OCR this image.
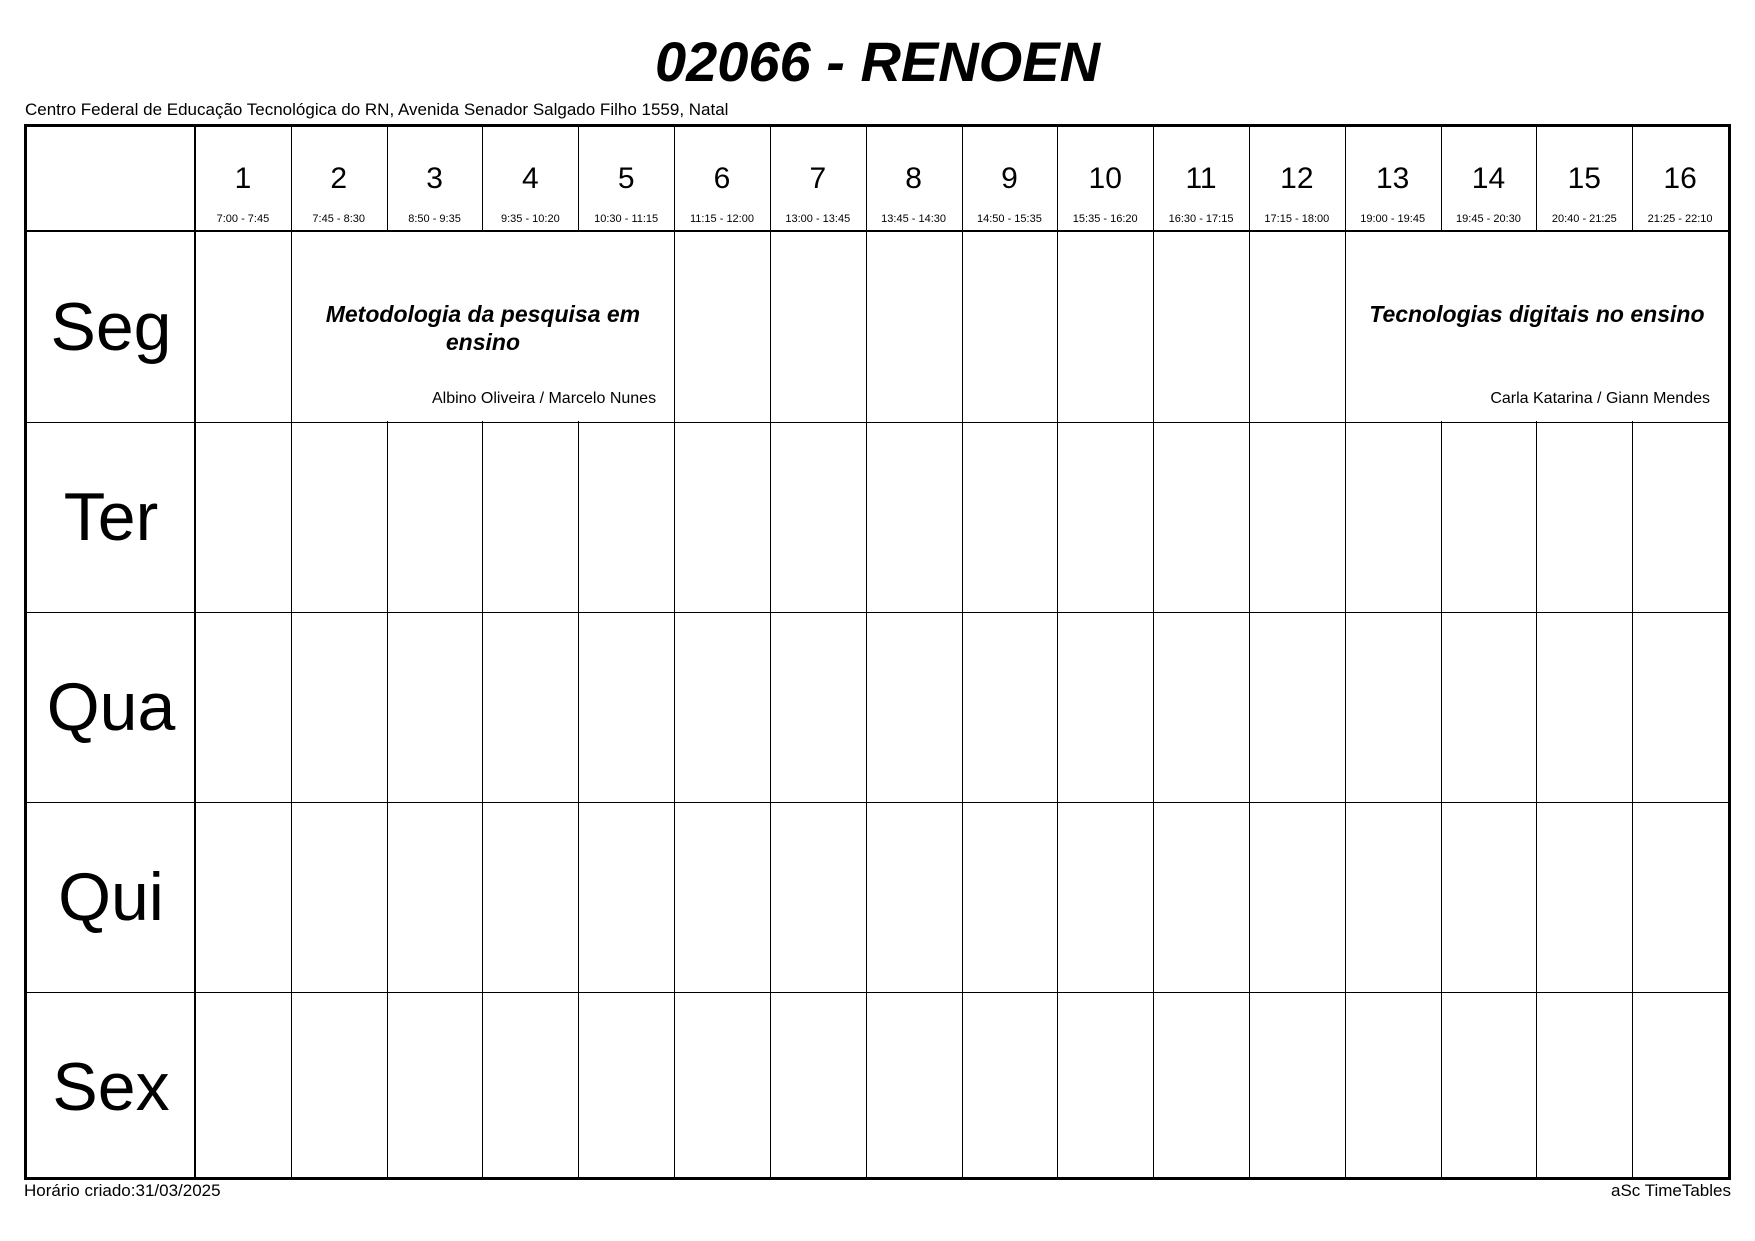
02066 - RENOEN
Centro Federal de Educação Tecnológica do RN, Avenida Senador Salgado Filho 1559, Natal
1
7:00 - 7:45
2
7:45 - 8:30
3
8:50 - 9:35
4
9:35 - 10:20
5
10:30 - 11:15
6
11:15 - 12:00
7
13:00 - 13:45
8
13:45 - 14:30
9
14:50 - 15:35
10
15:35 - 16:20
11
16:30 - 17:15
12
17:15 - 18:00
13
19:00 - 19:45
14
19:45 - 20:30
15
20:40 - 21:25
16
21:25 - 22:10
Seg
Ter
Qua
Qui
Sex
Metodologia da pesquisa em ensino
Albino Oliveira / Marcelo Nunes
Tecnologias digitais no ensino
Carla Katarina / Giann Mendes
Horário criado:31/03/2025	aSc TimeTables
